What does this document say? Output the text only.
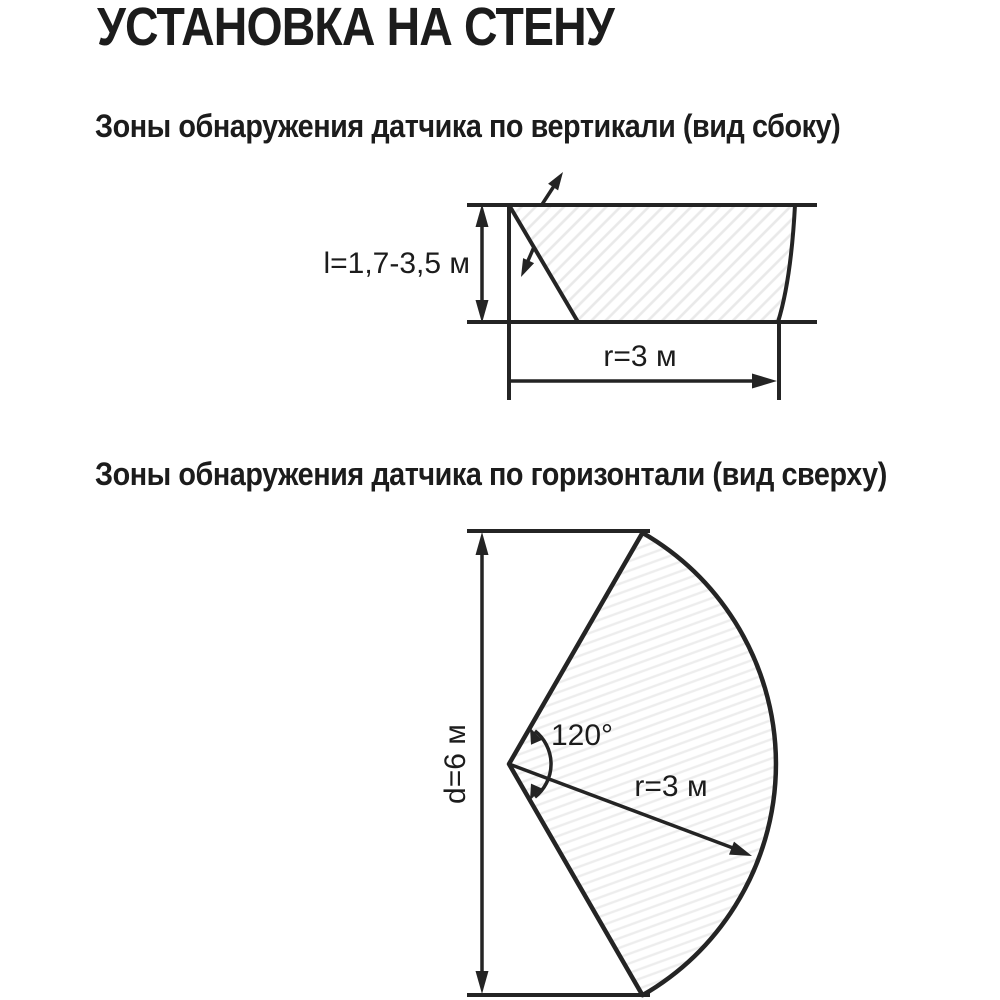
УСТАНОВКА НА СТЕНУ
Зоны обнаружения датчика по вертикали (вид сбоку)
l=1,7-3,5 м
r=3 м
Зоны обнаружения датчика по горизонтали (вид сверху)
d=6 м	120°
r=3 м
